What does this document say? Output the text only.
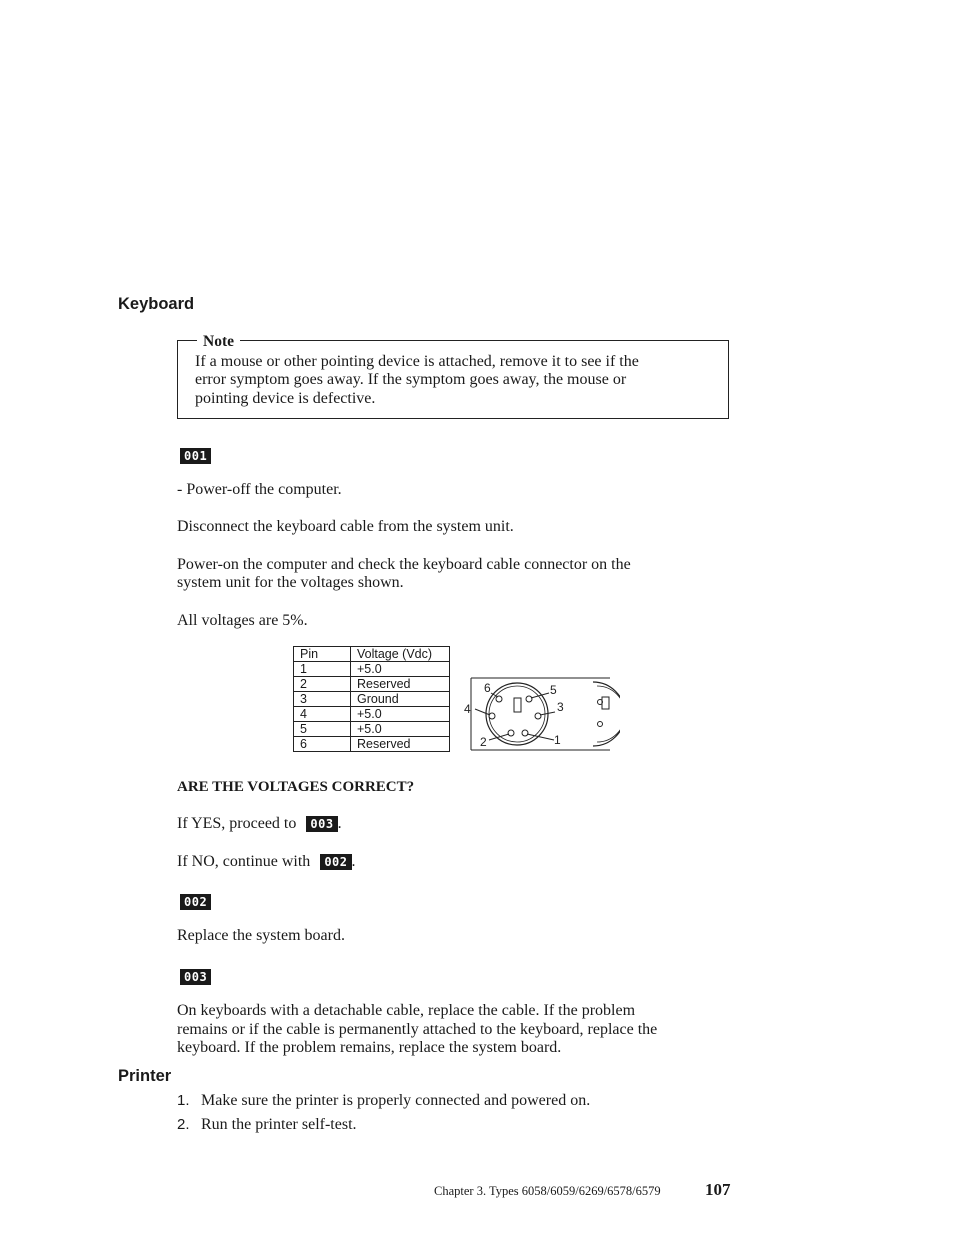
Keyboard
Note
If a mouse or other pointing device is attached, remove it to see if the
error symptom goes away. If the symptom goes away, the mouse or
pointing device is defective.
001
- Power-off the computer.
Disconnect the keyboard cable from the system unit.
Power-on the computer and check the keyboard cable connector on the
system unit for the voltages shown.
All voltages are 5%.
Pin	Voltage (Vdc)
1	+5.0
2	Reserved
3	Ground
4	+5.0
5	+5.0
6	Reserved
6	5
4	3
2	1
ARE THE VOLTAGES CORRECT?
If YES, proceed to 003 .
If NO, continue with 002 .
002
Replace the system board.
003
On keyboards with a detachable cable, replace the cable. If the problem
remains or if the cable is permanently attached to the keyboard, replace the
keyboard. If the problem remains, replace the system board.
Printer
1. Make sure the printer is properly connected and powered on.
2. Run the printer self-test.
Chapter 3. Types 6058/6059/6269/6578/6579	107
